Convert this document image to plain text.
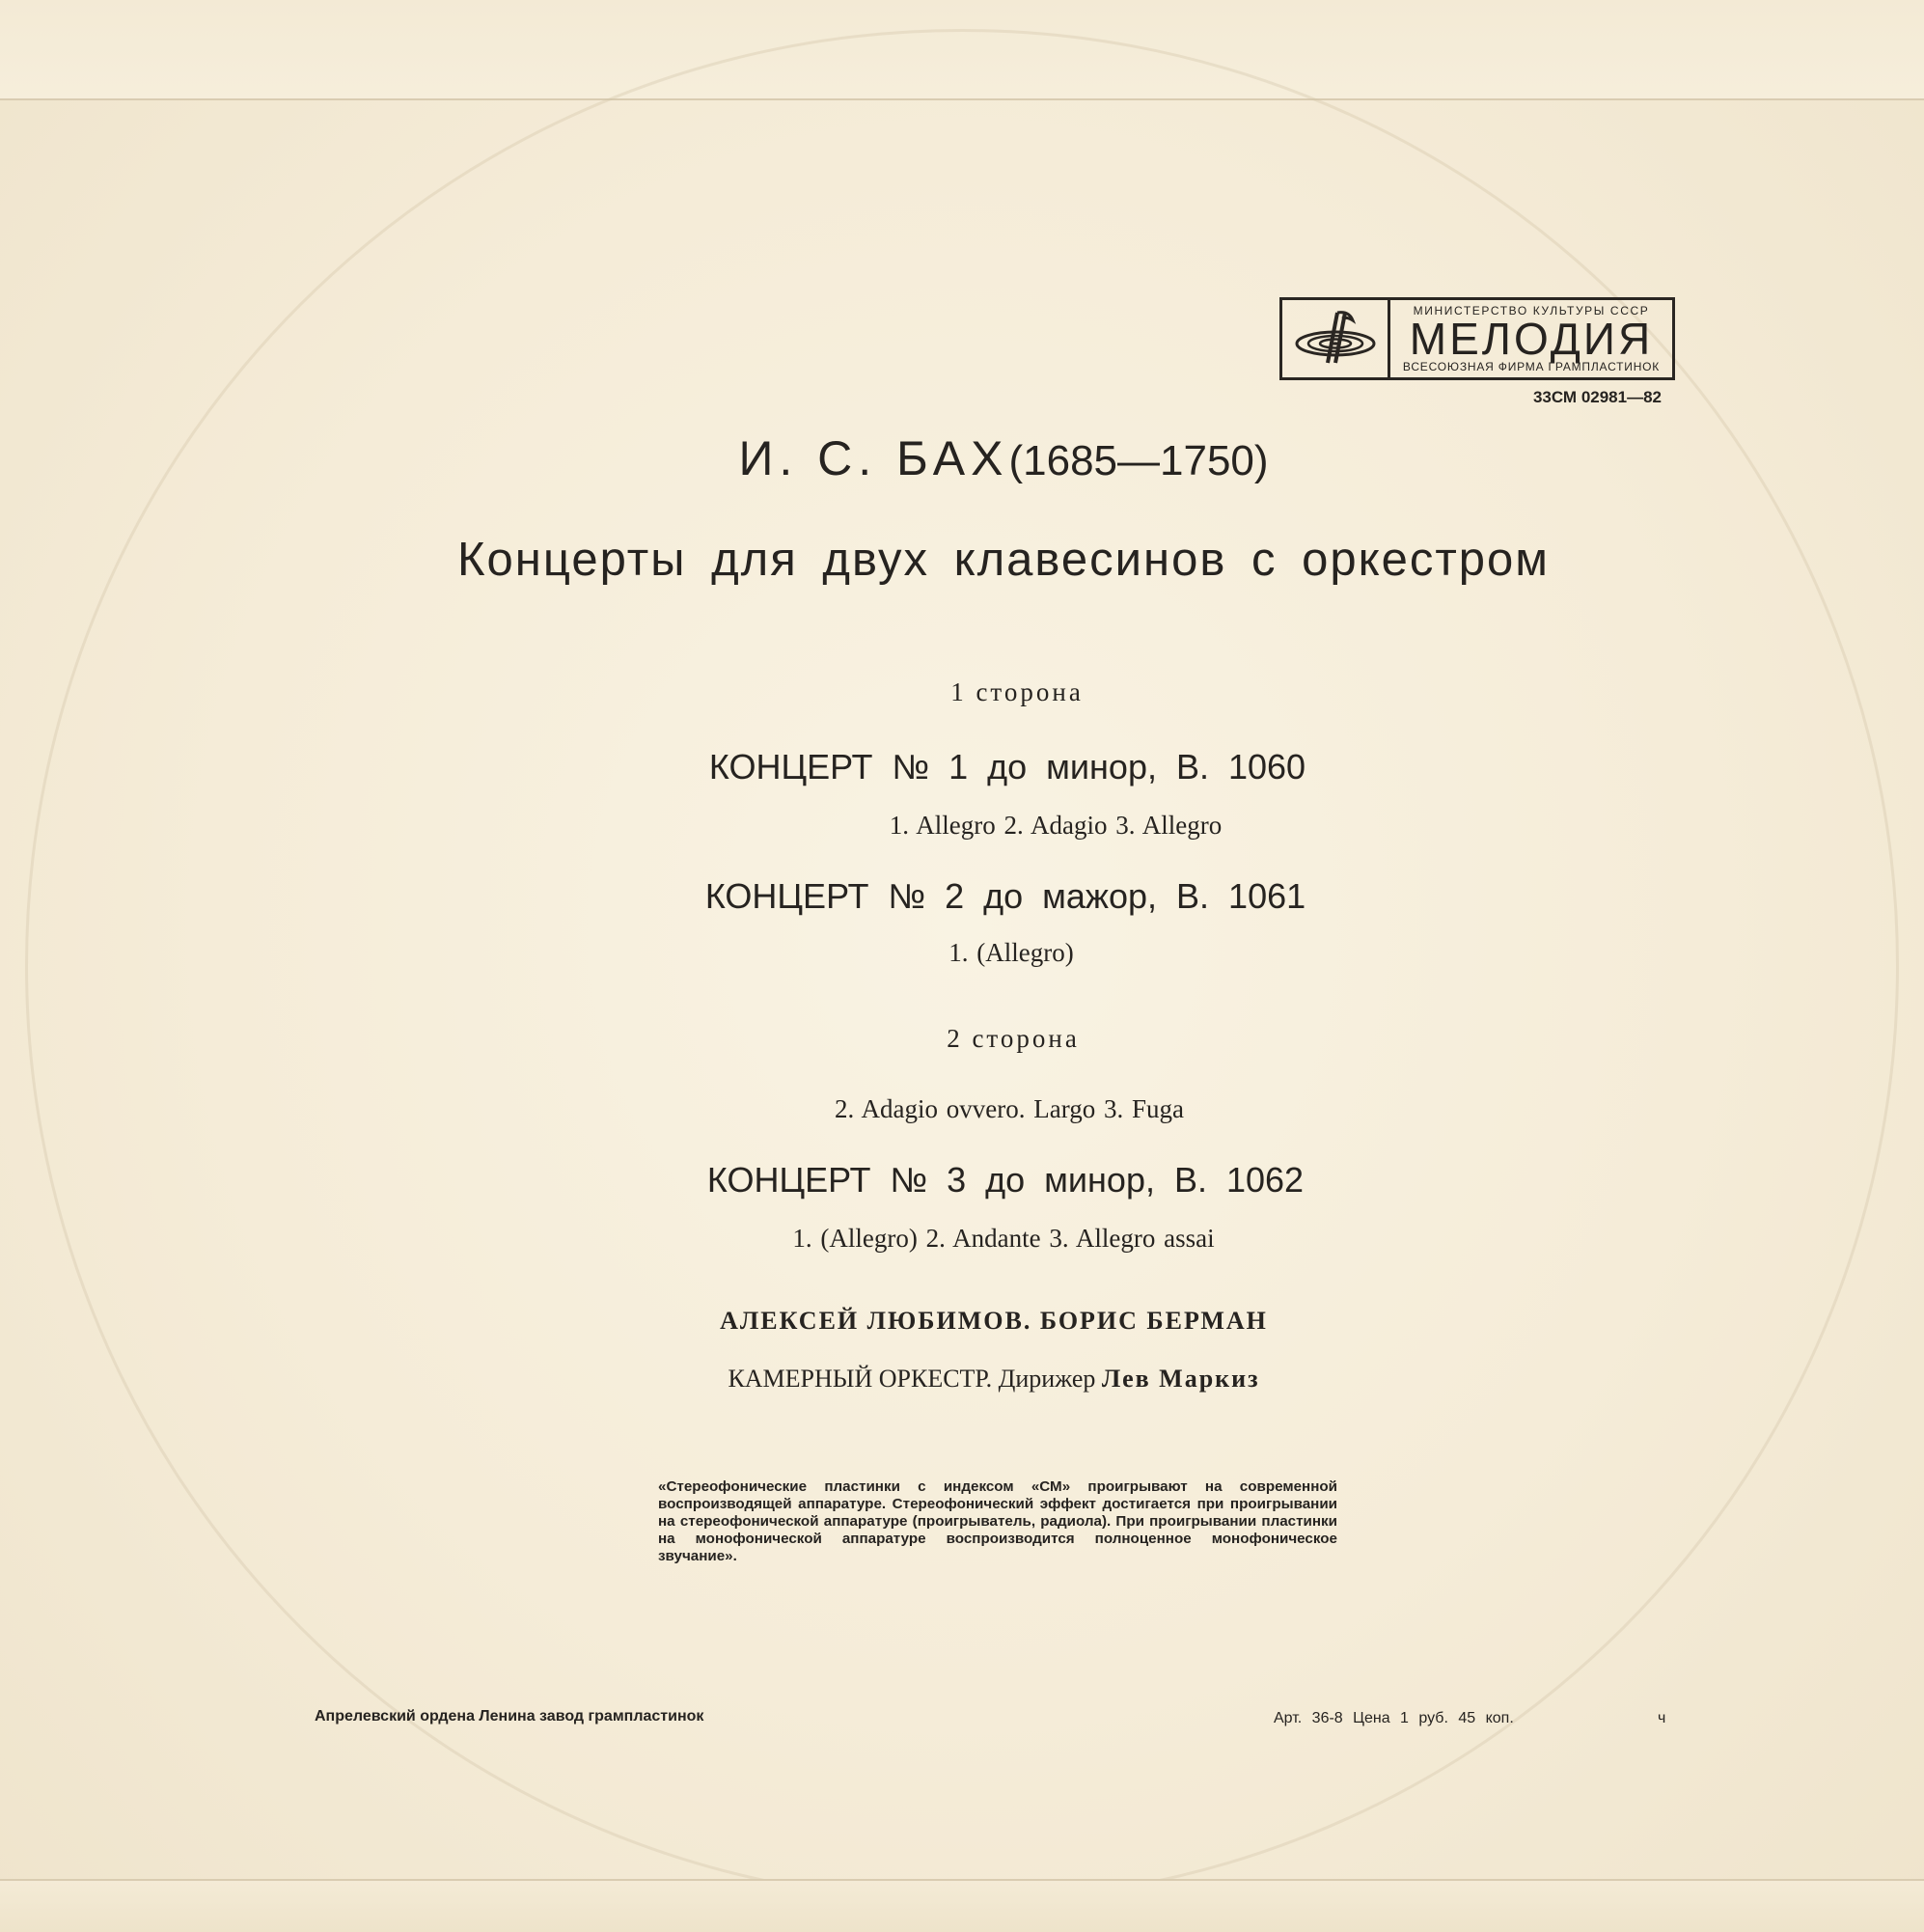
МИНИСТЕРСТВО КУЛЬТУРЫ СССР
МЕЛОДИЯ
ВСЕСОЮЗНАЯ ФИРМА ГРАМПЛАСТИНОК
33СМ 02981—82
И. С. БАХ(1685—1750)
Концерты для двух клавесинов с оркестром
1 сторона
КОНЦЕРТ № 1 до минор, B. 1060
1. Allegro 2. Adagio 3. Allegro
КОНЦЕРТ № 2 до мажор, B. 1061
1. (Allegro)
2 сторона
2. Adagio ovvero. Largo 3. Fuga
КОНЦЕРТ № 3 до минор, B. 1062
1. (Allegro) 2. Andante 3. Allegro assai
АЛЕКСЕЙ ЛЮБИМОВ. БОРИС БЕРМАН
КАМЕРНЫЙ ОРКЕСТР. Дирижер Лев Маркиз
«Стереофонические пластинки с индексом «СМ» проигрывают на современной воспроизводящей аппаратуре. Стереофонический эффект достигается при проигрывании на стереофонической аппаратуре (проигрыватель, радиола). При проигрывании пластинки на монофонической аппаратуре воспроизводится полноценное монофоническое звучание».
Апрелевский ордена Ленина завод грампластинок	Арт. 36-8 Цена 1 руб. 45 коп.	ч
